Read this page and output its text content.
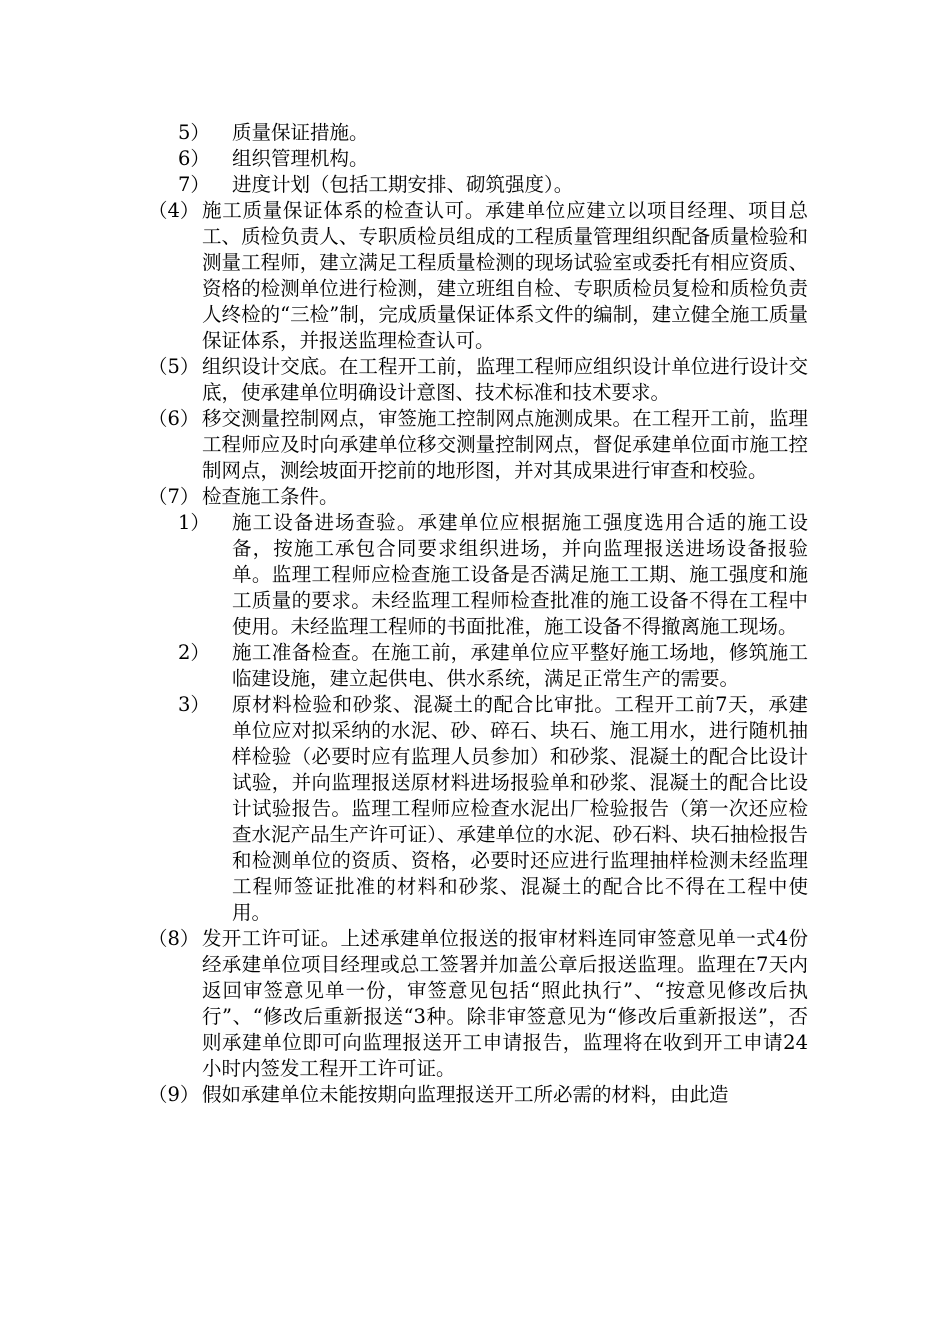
5） 质量保证措施。
6） 组织管理机构。
7） 进度计划（包括工期安排、砌筑强度）。
（4） 施工质量保证体系的检查认可。承建单位应建立以项目经理、项目总工、质检负责人、专职质检员组成的工程质量管理组织配备质量检验和测量工程师，建立满足工程质量检测的现场试验室或委托有相应资质、资格的检测单位进行检测，建立班组自检、专职质检员复检和质检负责人终检的“三检”制，完成质量保证体系文件的编制，建立健全施工质量保证体系，并报送监理检查认可。
（5） 组织设计交底。在工程开工前，监理工程师应组织设计单位进行设计交底，使承建单位明确设计意图、技术标准和技术要求。
（6） 移交测量控制网点，审签施工控制网点施测成果。在工程开工前，监理工程师应及时向承建单位移交测量控制网点，督促承建单位面市施工控制网点，测绘坡面开挖前的地形图，并对其成果进行审查和校验。
（7） 检查施工条件。
1） 施工设备进场查验。承建单位应根据施工强度选用合适的施工设备，按施工承包合同要求组织进场，并向监理报送进场设备报验单。监理工程师应检查施工设备是否满足施工工期、施工强度和施工质量的要求。未经监理工程师检查批准的施工设备不得在工程中使用。未经监理工程师的书面批准，施工设备不得撤离施工现场。
2） 施工准备检查。在施工前，承建单位应平整好施工场地，修筑施工临建设施，建立起供电、供水系统，满足正常生产的需要。
3） 原材料检验和砂浆、混凝土的配合比审批。工程开工前7天，承建单位应对拟采纳的水泥、砂、碎石、块石、施工用水，进行随机抽样检验（必要时应有监理人员参加）和砂浆、混凝土的配合比设计试验，并向监理报送原材料进场报验单和砂浆、混凝土的配合比设计试验报告。监理工程师应检查水泥出厂检验报告（第一次还应检查水泥产品生产许可证）、承建单位的水泥、砂石料、块石抽检报告和检测单位的资质、资格，必要时还应进行监理抽样检测未经监理工程师签证批准的材料和砂浆、混凝土的配合比不得在工程中使用。
（8） 发开工许可证。上述承建单位报送的报审材料连同审签意见单一式4份经承建单位项目经理或总工签署并加盖公章后报送监理。监理在7天内返回审签意见单一份，审签意见包括“照此执行”、“按意见修改后执行”、“修改后重新报送“3种。除非审签意见为“修改后重新报送”，否则承建单位即可向监理报送开工申请报告，监理将在收到开工申请24小时内签发工程开工许可证。
（9） 假如承建单位未能按期向监理报送开工所必需的材料，由此造
